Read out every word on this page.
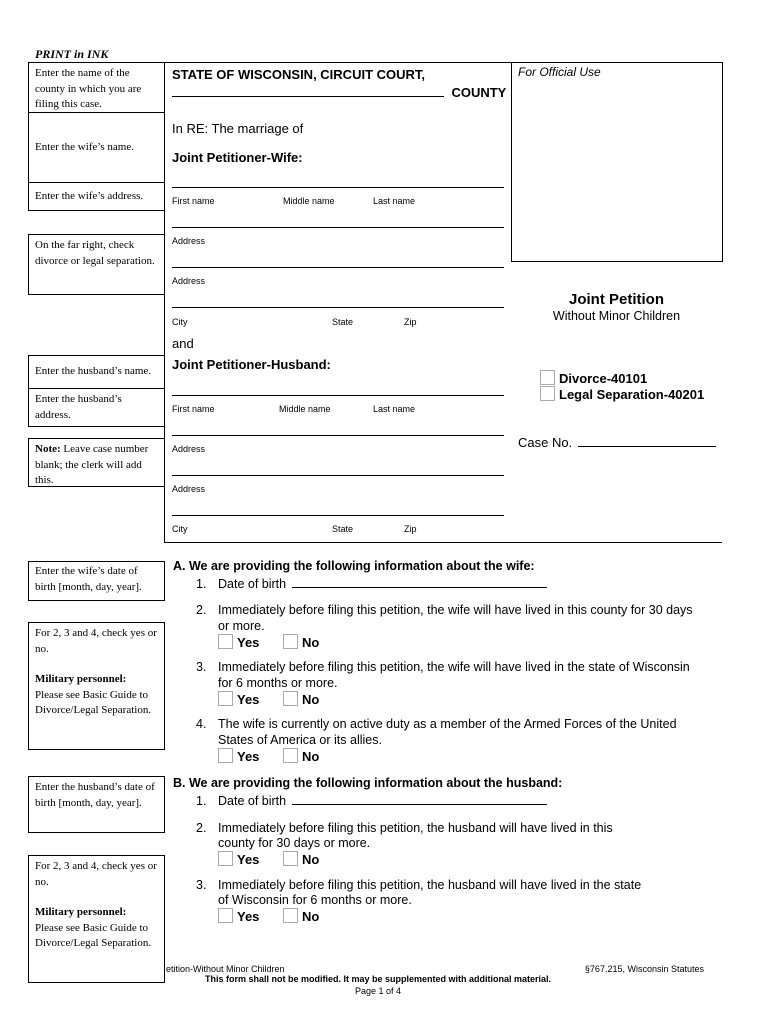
PRINT in INK
Enter the name of the county in which you are filing this case.
Enter the wife’s name.
Enter the wife’s address.
On the far right, check divorce or legal separation.
Enter the husband’s name.
Enter the husband’s address.
Note: Leave case number blank; the clerk will add this.
Enter the wife’s date of birth [month, day, year].
For 2, 3 and 4, check yes or no.
Military personnel:
Please see Basic Guide to Divorce/Legal Separation.
Enter the husband’s date of birth [month, day, year].
For 2, 3 and 4, check yes or no.
Military personnel:
Please see Basic Guide to Divorce/Legal Separation.
STATE OF WISCONSIN, CIRCUIT COURT,
COUNTY
For Official Use
In RE: The marriage of
Joint Petitioner-Wife:
First name	Middle name	Last name
Address
Address
City	State	Zip
and
Joint Petitioner-Husband:
First name	Middle name	Last name
Address
Address
City	State	Zip
Joint Petition
Without Minor Children
Divorce-40101
Legal Separation-40201
Case No.
A. We are providing the following information about the wife:
1. Date of birth
2. Immediately before filing this petition, the wife will have lived in this county for 30 days
or more.
Yes	No
3. Immediately before filing this petition, the wife will have lived in the state of Wisconsin
for 6 months or more.
Yes	No
4. The wife is currently on active duty as a member of the Armed Forces of the United
States of America or its allies.
Yes	No
B. We are providing the following information about the husband:
1. Date of birth
2. Immediately before filing this petition, the husband will have lived in this
county for 30 days or more.
Yes	No
3. Immediately before filing this petition, the husband will have lived in the state
of Wisconsin for 6 months or more.
Yes	No
etition-Without Minor Children	§767.215, Wisconsin Statutes
This form shall not be modified. It may be supplemented with additional material.
Page 1 of 4
